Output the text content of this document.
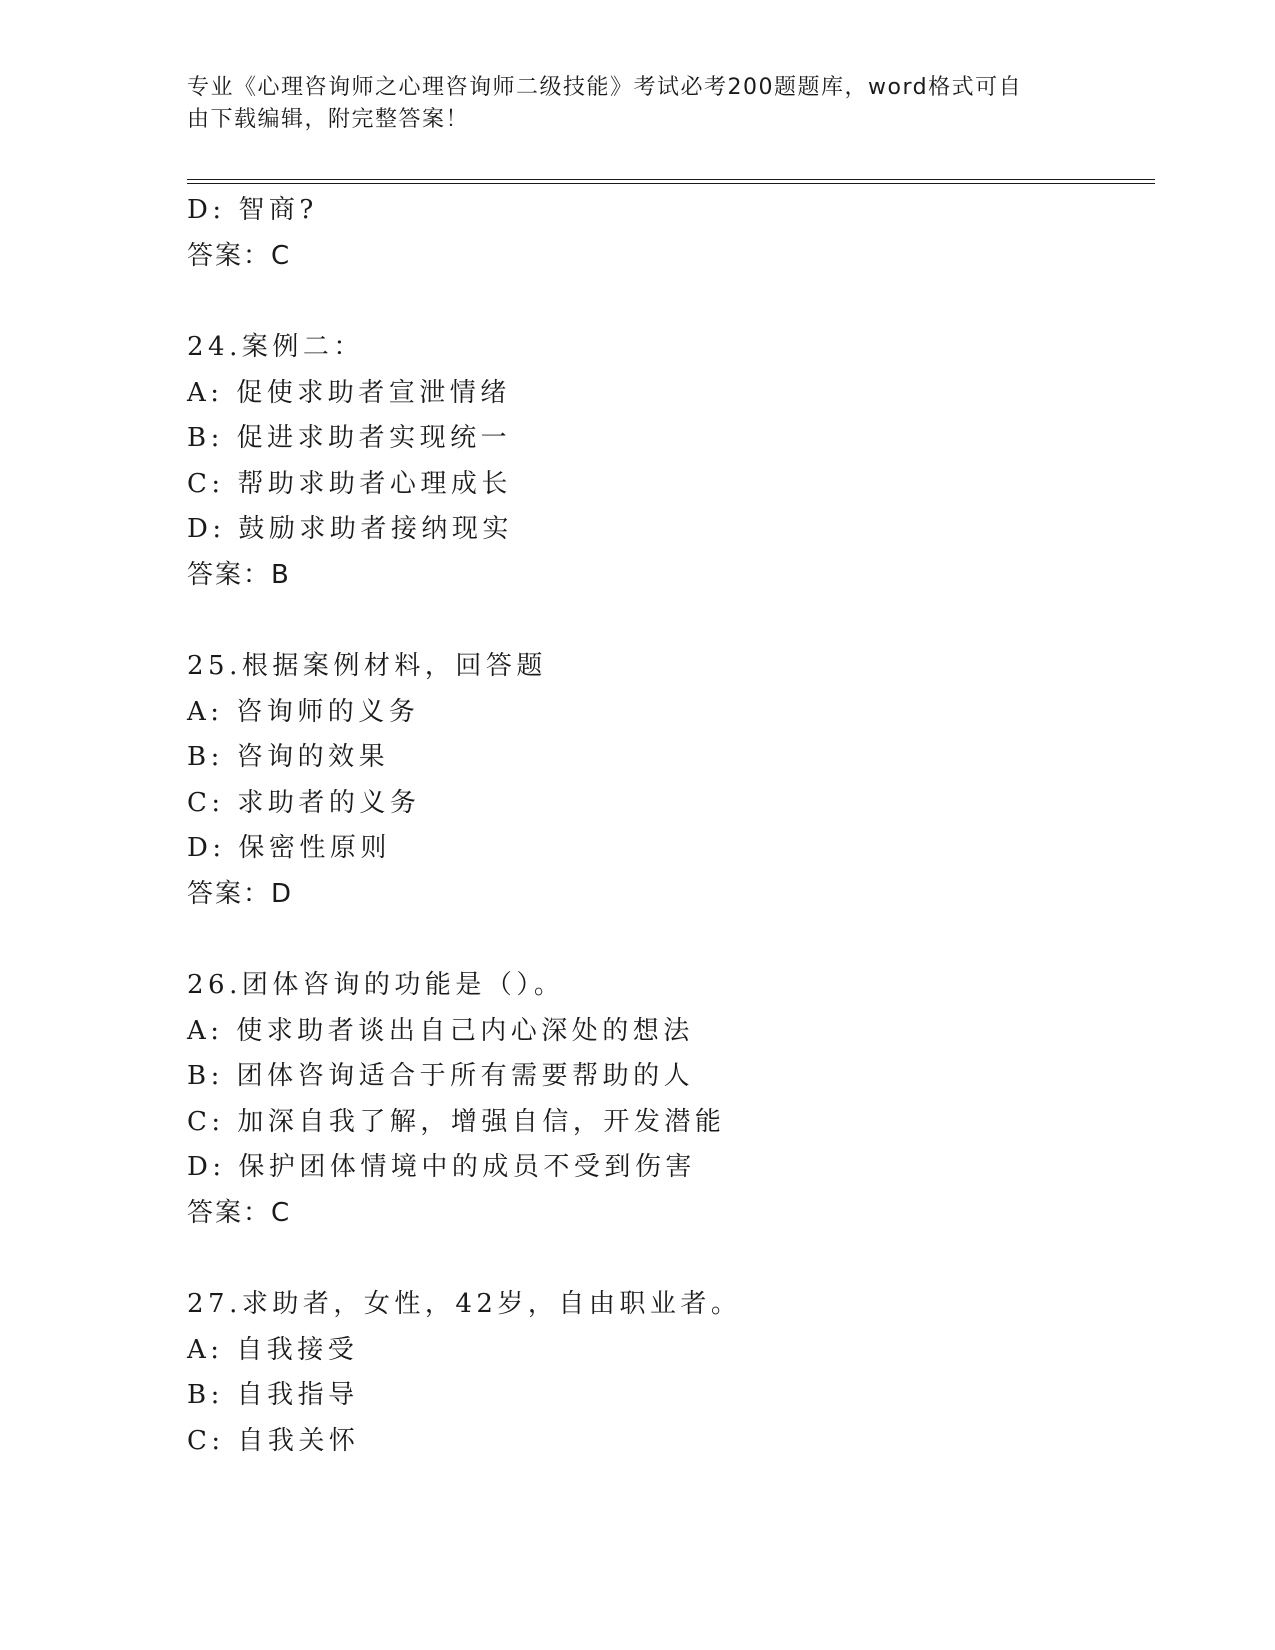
专业《心理咨询师之心理咨询师二级技能》考试必考200题题库，word格式可自
由下载编辑，附完整答案！
D: 智商?
答案：C
24.案例二：
A: 促使求助者宣泄情绪
B: 促进求助者实现统一
C: 帮助求助者心理成长
D: 鼓励求助者接纳现实
答案：B
25.根据案例材料，回答题
A: 咨询师的义务
B: 咨询的效果
C: 求助者的义务
D: 保密性原则
答案：D
26.团体咨询的功能是（）。
A: 使求助者谈出自己内心深处的想法
B: 团体咨询适合于所有需要帮助的人
C: 加深自我了解，增强自信，开发潜能
D: 保护团体情境中的成员不受到伤害
答案：C
27.求助者，女性，42岁，自由职业者。
A: 自我接受
B: 自我指导
C: 自我关怀
